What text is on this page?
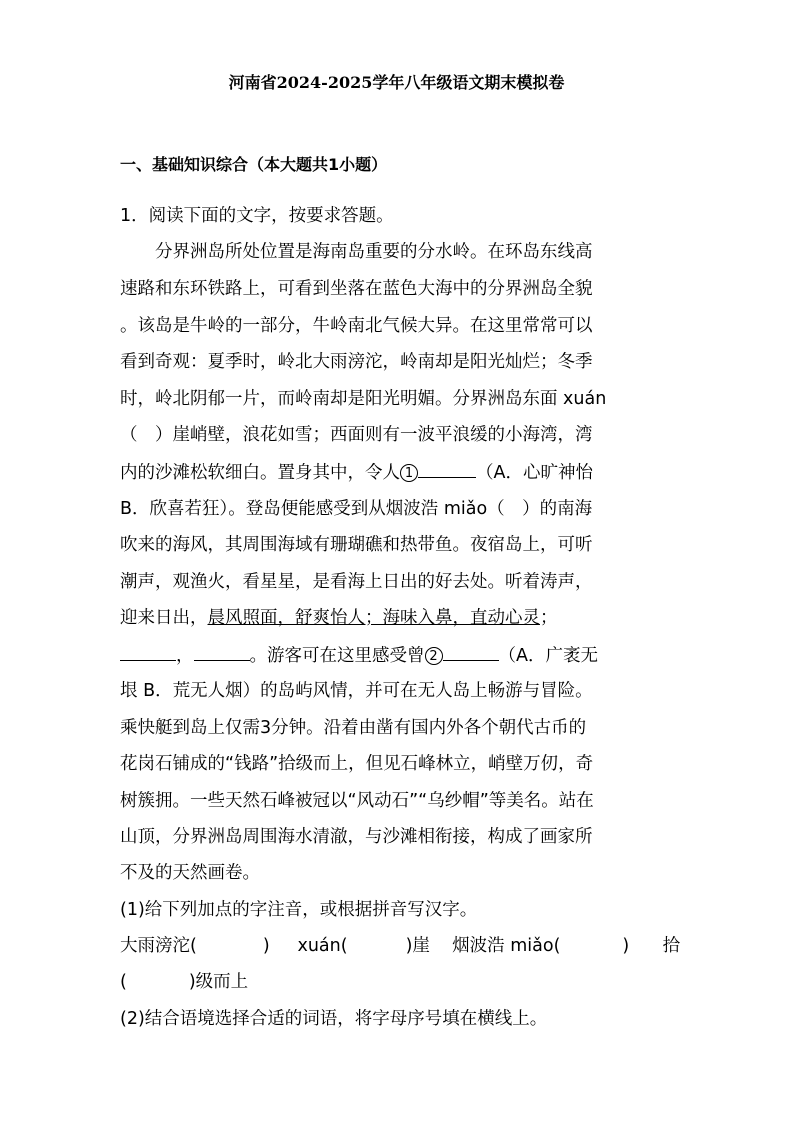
河南省2024-2025学年八年级语文期末模拟卷
一、基础知识综合（本大题共1小题）
1．阅读下面的文字，按要求答题。
　　分界洲岛所处位置是海南岛重要的分水岭。在环岛东线高
速路和东环铁路上，可看到坐落在蓝色大海中的分界洲岛全貌
。该岛是牛岭的一部分，牛岭南北气候大异。在这里常常可以
看到奇观：夏季时，岭北大雨滂沱，岭南却是阳光灿烂；冬季
时，岭北阴郁一片，而岭南却是阳光明媚。分界洲岛东面 xuán
（　）崖峭壁，浪花如雪；西面则有一波平浪缓的小海湾，湾
内的沙滩松软细白。置身其中，令人 1	（A．心旷神怡
B．欣喜若狂）。登岛便能感受到从烟波浩 miǎo（　）的南海
吹来的海风，其周围海域有珊瑚礁和热带鱼。夜宿岛上，可听
潮声，观渔火，看星星，是看海上日出的好去处。听着涛声，
迎来日出，晨风照面，舒爽怡人；海味入鼻，直动心灵；
，	。游客可在这里感受曾 2	（A．广袤无
垠 B．荒无人烟）的岛屿风情，并可在无人岛上畅游与冒险。
乘快艇到岛上仅需3分钟。沿着由凿有国内外各个朝代古币的
花岗石铺成的“钱路”拾级而上，但见石峰林立，峭壁万仞，奇
树簇拥。一些天然石峰被冠以“风动石”“乌纱帽”等美名。站在
山顶，分界洲岛周围海水清澈，与沙滩相衔接，构成了画家所
不及的天然画卷。
(1)给下列加点的字注音，或根据拼音写汉字。
大雨滂沱(	) xuán(	)崖 烟波浩 miǎo(	) 拾
(	)级而上
(2)结合语境选择合适的词语，将字母序号填在横线上。
